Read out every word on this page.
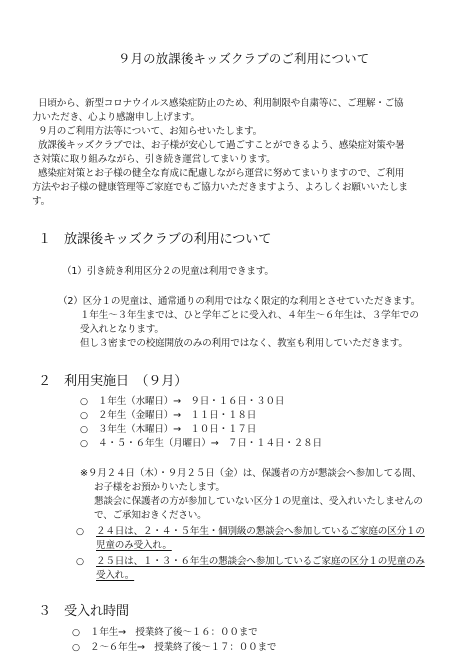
９月の放課後キッズクラブのご利用について
日頃から、新型コロナウイルス感染症防止のため、利用制限や自粛等に、ご理解・ご協
力いただき、心より感謝申し上げます。
９月のご利用方法等について、お知らせいたします。
放課後キッズクラブでは、お子様が安心して過ごすことができるよう、感染症対策や暑
さ対策に取り組みながら、引き続き運営してまいります。
感染症対策とお子様の健全な育成に配慮しながら運営に努めてまいりますので、ご利用
方法やお子様の健康管理等ご家庭でもご協力いただきますよう、よろしくお願いいたしま
す。
１　放課後キッズクラブの利用について
（1）引き続き利用区分２の児童は利用できます。
（2）区分１の児童は、通常通りの利用ではなく限定的な利用とさせていただきます。
１年生～３年生までは、ひと学年ごとに受入れ、４年生～６年生は、３学年での
受入れとなります。
但し３密までの校庭開放のみの利用ではなく、教室も利用していただきます。
２　利用実施日　（９月）
○ １年生（水曜日）→　９日・１６日・３０日
○ ２年生（金曜日）→　１１日・１８日
○ ３年生（木曜日）→　１０日・１７日
○ ４・５・６年生（月曜日）→　７日・１４日・２８日
※９月２４日（木）・９月２５日（金）は、保護者の方が懇談会へ参加してる間、
お子様をお預かりいたします。
懇談会に保護者の方が参加していない区分１の児童は、受入れいたしませんの
で、ご承知おきください。
○ ２４日は、２・４・５年生・個別級の懇談会へ参加しているご家庭の区分１の
児童のみ受入れ。
○ ２５日は、１・３・６年生の懇談会へ参加しているご家庭の区分１の児童のみ
受入れ。
３　受入れ時間
○ １年生→　授業終了後～１６：００まで
○ ２～６年生→　授業終了後～１７：００まで
